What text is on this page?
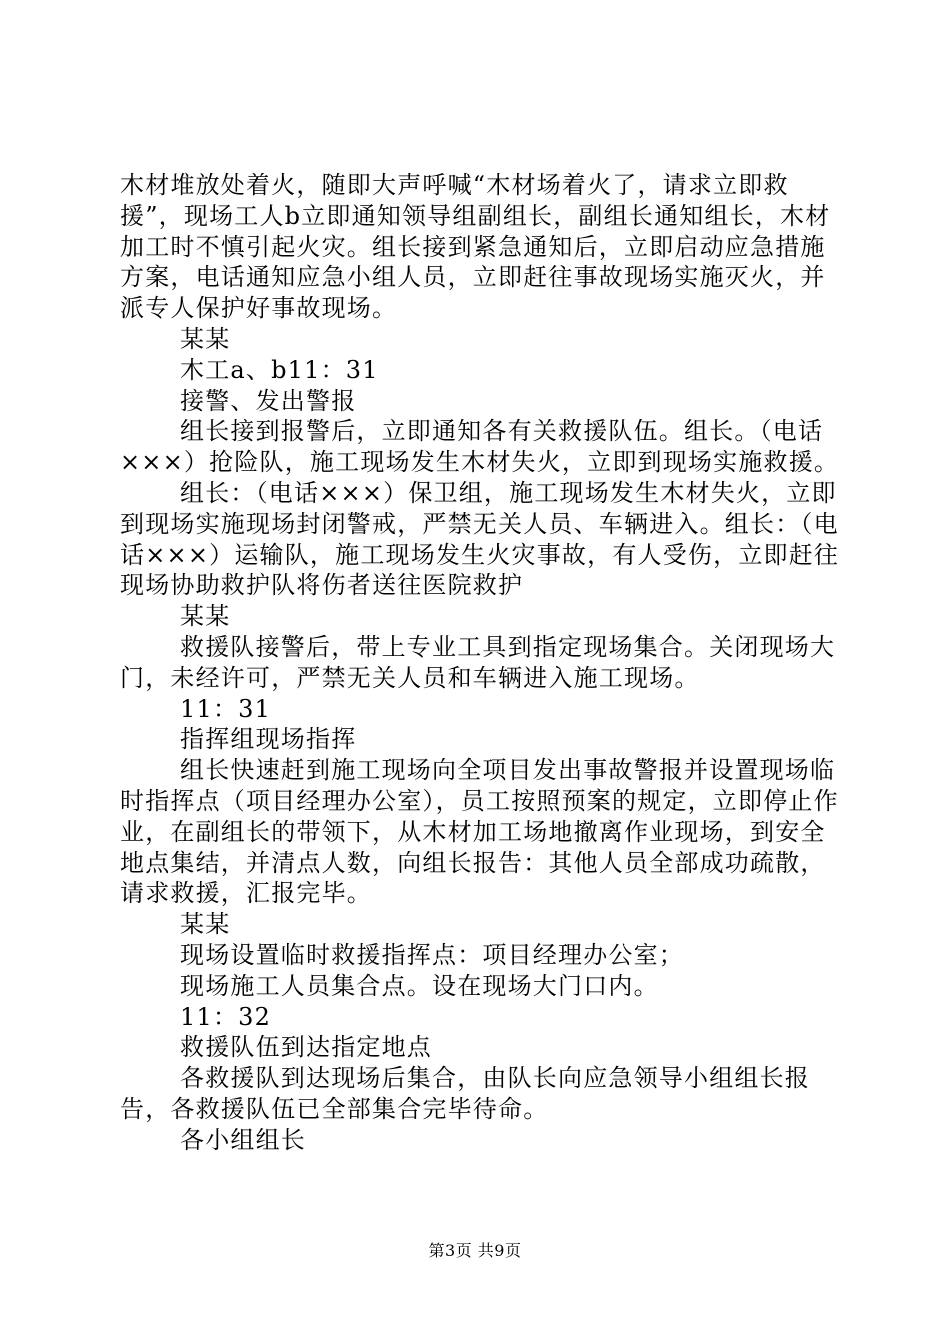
木材堆放处着火，随即大声呼喊“木材场着火了，请求立即救援”，现场工人b立即通知领导组副组长，副组长通知组长，木材加工时不慎引起火灾。组长接到紧急通知后，立即启动应急措施方案，电话通知应急小组人员，立即赶往事故现场实施灭火，并派专人保护好事故现场。

某某

木工a、b11：31

接警、发出警报

组长接到报警后，立即通知各有关救援队伍。组长。（电话×××）抢险队，施工现场发生木材失火，立即到现场实施救援。

组长：（电话×××）保卫组，施工现场发生木材失火，立即到现场实施现场封闭警戒，严禁无关人员、车辆进入。组长：（电话×××）运输队，施工现场发生火灾事故，有人受伤，立即赶往现场协助救护队将伤者送往医院救护

某某

救援队接警后，带上专业工具到指定现场集合。关闭现场大门，未经许可，严禁无关人员和车辆进入施工现场。

11：31

指挥组现场指挥

组长快速赶到施工现场向全项目发出事故警报并设置现场临时指挥点（项目经理办公室），员工按照预案的规定，立即停止作业，在副组长的带领下，从木材加工场地撤离作业现场，到安全地点集结，并清点人数，向组长报告：其他人员全部成功疏散，请求救援，汇报完毕。

某某

现场设置临时救援指挥点：项目经理办公室；

现场施工人员集合点。设在现场大门口内。

11：32

救援队伍到达指定地点

各救援队到达现场后集合，由队长向应急领导小组组长报告，各救援队伍已全部集合完毕待命。

各小组组长

第3页 共9页
